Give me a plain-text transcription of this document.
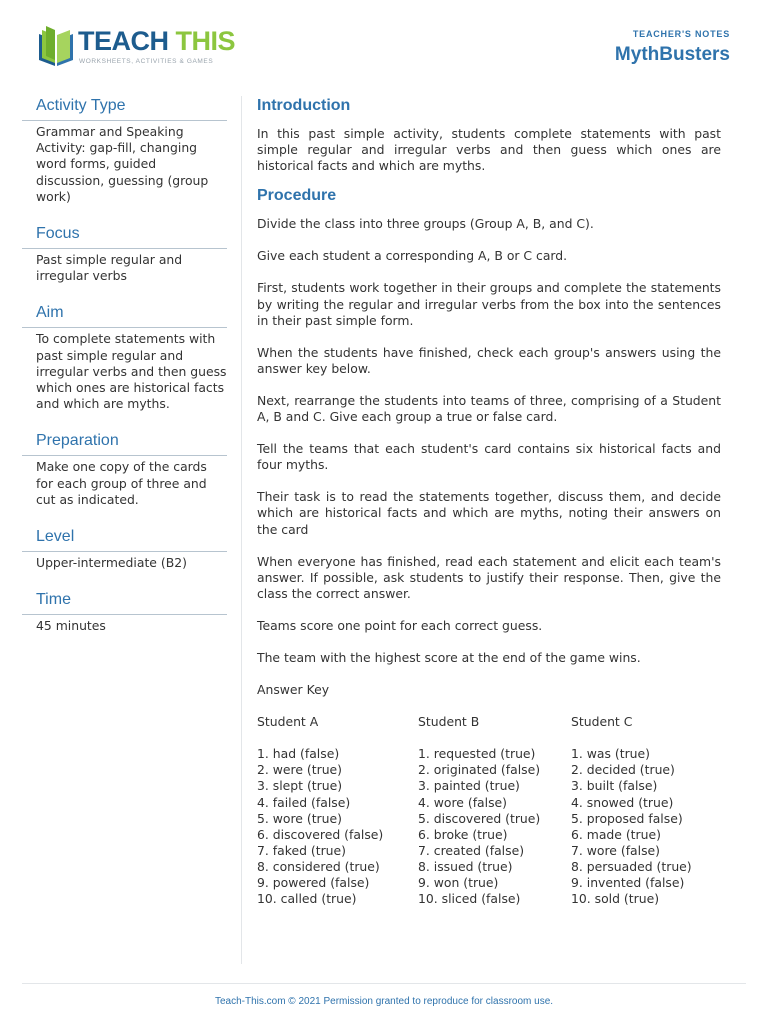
TEACH THIS
WORKSHEETS, ACTIVITIES & GAMES
TEACHER'S NOTES
MythBusters
Activity Type

Grammar and Speaking Activity: gap-fill, changing word forms, guided discussion, guessing (group work)

Focus

Past simple regular and irregular verbs

Aim

To complete statements with past simple regular and irregular verbs and then guess which ones are historical facts and which are myths.

Preparation

Make one copy of the cards for each group of three and cut as indicated.

Level

Upper-intermediate (B2)

Time

45 minutes

Introduction

In this past simple activity, students complete statements with past simple regular and irregular verbs and then guess which ones are historical facts and which are myths.

Procedure

Divide the class into three groups (Group A, B, and C).

Give each student a corresponding A, B or C card.

First, students work together in their groups and complete the statements by writing the regular and irregular verbs from the box into the sentences in their past simple form.

When the students have finished, check each group's answers using the answer key below.

Next, rearrange the students into teams of three, comprising of a Student A, B and C. Give each group a true or false card.

Tell the teams that each student's card contains six historical facts and four myths.

Their task is to read the statements together, discuss them, and decide which are historical facts and which are myths, noting their answers on the card

When everyone has finished, read each statement and elicit each team's answer. If possible, ask students to justify their response. Then, give the class the correct answer.

Teams score one point for each correct guess.

The team with the highest score at the end of the game wins.

Answer Key
Student A
1. had (false)
2. were (true)
3. slept (true)
4. failed (false)
5. wore (true)
6. discovered (false)
7. faked (true)
8. considered (true)
9. powered (false)
10. called (true)
Student B
1. requested (true)
2. originated (false)
3. painted (true)
4. wore (false)
5. discovered (true)
6. broke (true)
7. created (false)
8. issued (true)
9. won (true)
10. sliced (false)
Student C
1. was (true)
2. decided (true)
3. built (false)
4. snowed (true)
5. proposed false)
6. made (true)
7. wore (false)
8. persuaded (true)
9. invented (false)
10. sold (true)
Teach-This.com © 2021 Permission granted to reproduce for classroom use.
